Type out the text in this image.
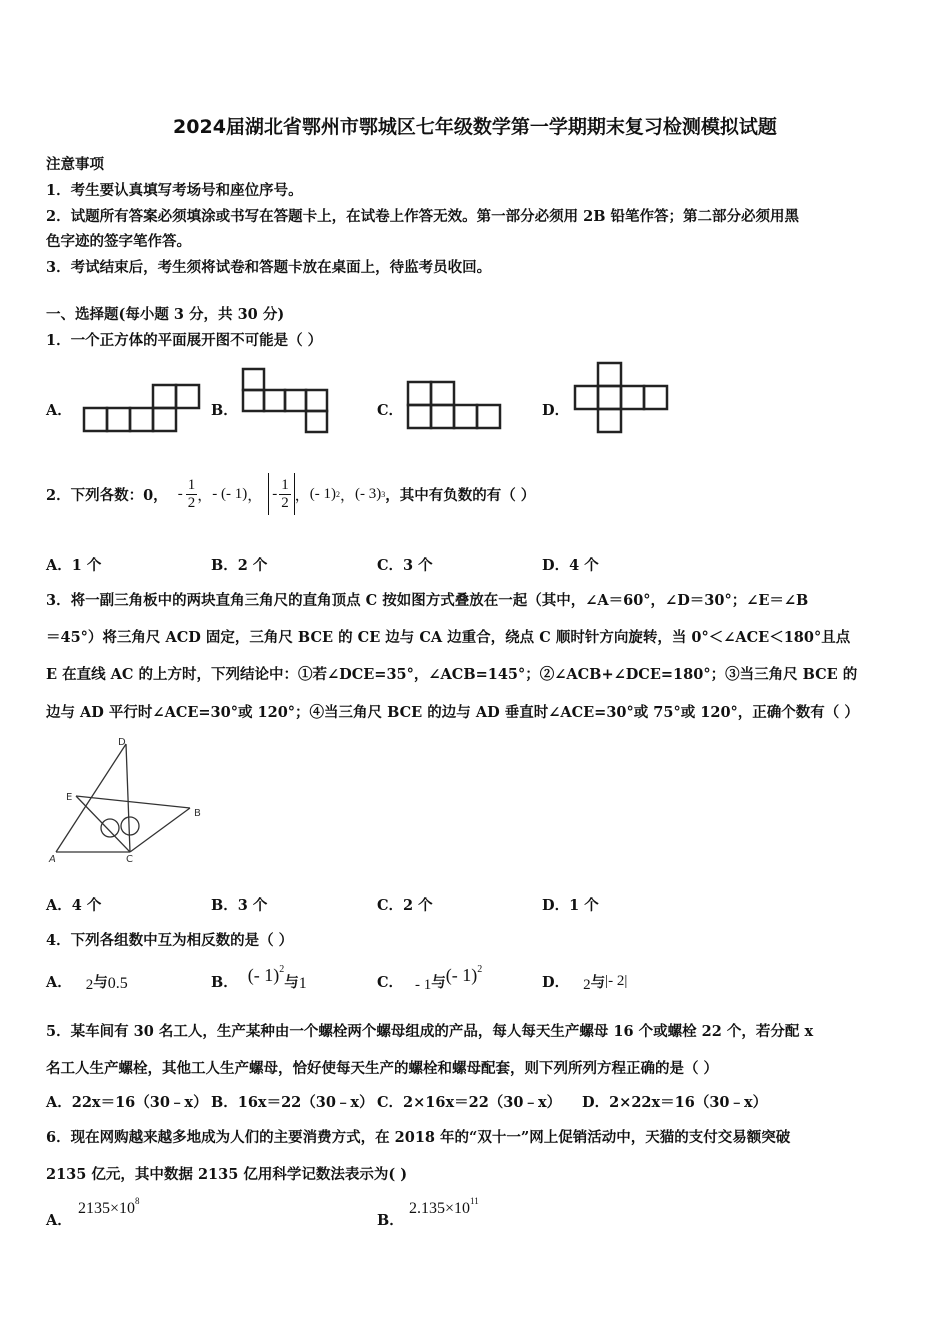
2024届湖北省鄂州市鄂城区七年级数学第一学期期末复习检测模拟试题
注意事项
1．考生要认真填写考场号和座位序号。
2．试题所有答案必须填涂或书写在答题卡上，在试卷上作答无效。第一部分必须用 2B 铅笔作答；第二部分必须用黑
色字迹的签字笔作答。
3．考试结束后，考生须将试卷和答题卡放在桌面上，待监考员收回。
一、选择题(每小题 3 分，共 30 分)
1．一个正方体的平面展开图不可能是（ ）
A．	B．	C．	D．
2．下列各数：0， - $\frac{1}{2}$ ， - (- 1) ， - $\frac{1}{2}$ ， (- 1) 2 ， (- 3) 3 ，其中有负数的有（ ）
A．1 个	B．2 个	C．3 个	D．4 个
3．将一副三角板中的两块直角三角尺的直角顶点 C 按如图方式叠放在一起（其中，∠A＝60°，∠D＝30°；∠E＝∠B
＝45°）将三角尺 ACD 固定，三角尺 BCE 的 CE 边与 CA 边重合，绕点 C 顺时针方向旋转，当 0°＜∠ACE＜180°且点
E 在直线 AC 的上方时，下列结论中：①若∠DCE=35°，∠ACB=145°；②∠ACB+∠DCE=180°；③当三角尺 BCE 的
边与 AD 平行时∠ACE=30°或 120°；④当三角尺 BCE 的边与 AD 垂直时∠ACE=30°或 75°或 120°，正确个数有（ ）
D
E
B
A	C
A．4 个	B．3 个	C．2 个	D．1 个
4．下列各组数中互为相反数的是（ ）
A． 2 与 0.5	B． (- 1)$^2$
与 1	C． - 1 与 (- 1)$^2$
D． 2 与 |- 2|
5．某车间有 30 名工人，生产某种由一个螺栓两个螺母组成的产品，每人每天生产螺母 16 个或螺栓 22 个，若分配 x
名工人生产螺栓，其他工人生产螺母，恰好使每天生产的螺栓和螺母配套，则下列所列方程正确的是（ ）
A．22x＝16（30﹣x） B．16x＝22（30﹣x） C．2×16x＝22（30﹣x） D．2×22x＝16（30﹣x）
6．现在网购越来越多地成为人们的主要消费方式，在 2018 年的“双十一”网上促销活动中，天猫的支付交易额突破
2135 亿元，其中数据 2135 亿用科学记数法表示为( )
A．
$2135\times 10^8$
B．
$2.135\times 10^{11}$
